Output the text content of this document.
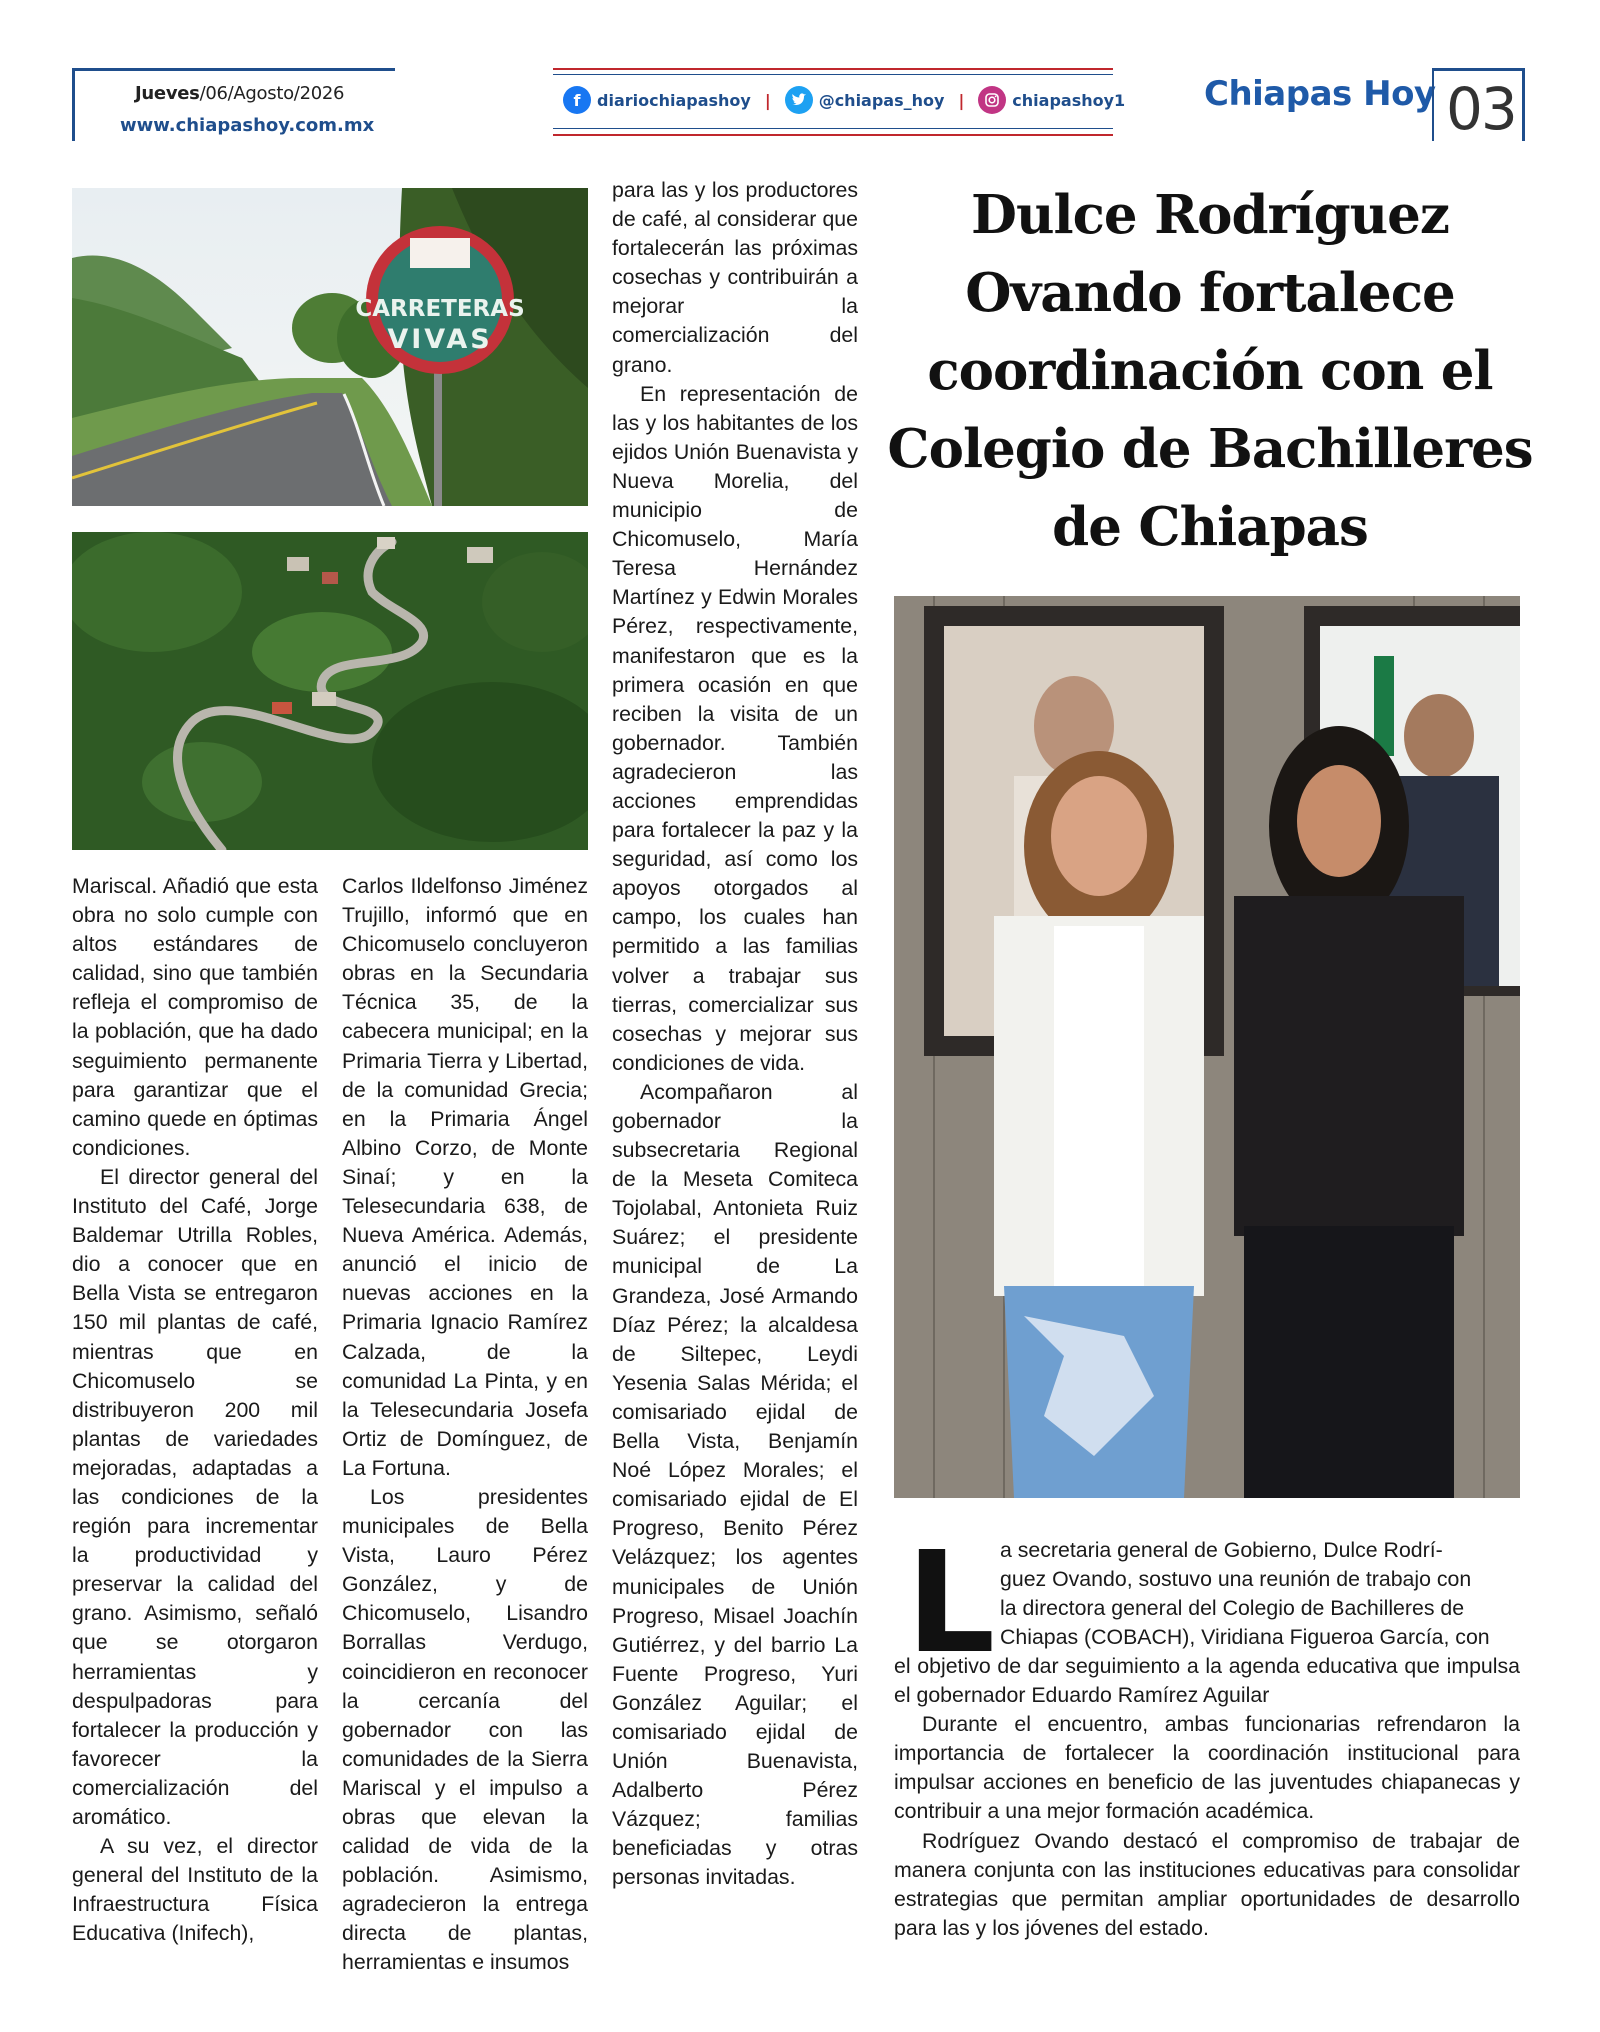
Jueves/06/Agosto/2026
www.chiapashoy.com.mx
f	diariochiapashoy |	@chiapas_hoy |	chiapashoy1 Chiapas Hoy 03
CARRETERAS
VIVAS

Mariscal. Añadió que esta obra no solo cumple con altos estándares de calidad, sino que también refleja el compromiso de la población, que ha dado seguimiento permanente para garantizar que el camino quede en óptimas condiciones.

El director general del Instituto del Café, Jorge Baldemar Utrilla Robles, dio a conocer que en Bella Vista se entregaron 150 mil plantas de café, mientras que en Chicomuselo se distribuyeron 200 mil plantas de variedades mejoradas, adaptadas a las condiciones de la región para incrementar la productividad y preservar la calidad del grano. Asimismo, señaló que se otorgaron herramientas y despulpadoras para fortalecer la producción y favorecer la comercialización del aromático.

A su vez, el director general del Instituto de la Infraestructura Física Educativa (Inifech),

Carlos Ildelfonso Jiménez Trujillo, informó que en Chicomuselo concluyeron obras en la Secundaria Técnica 35, de la cabecera municipal; en la Primaria Tierra y Libertad, de la comunidad Grecia; en la Primaria Ángel Albino Corzo, de Monte Sinaí; y en la Telesecundaria 638, de Nueva América. Además, anunció el inicio de nuevas acciones en la Primaria Ignacio Ramírez Calzada, de la comunidad La Pinta, y en la Telesecundaria Josefa Ortiz de Domínguez, de La Fortuna.

Los presidentes municipales de Bella Vista, Lauro Pérez González, y de Chicomuselo, Lisandro Borrallas Verdugo, coincidieron en reconocer la cercanía del gobernador con las comunidades de la Sierra Mariscal y el impulso a obras que elevan la calidad de vida de la población. Asimismo, agradecieron la entrega directa de plantas, herramientas e insumos

para las y los productores de café, al considerar que fortalecerán las próximas cosechas y contribuirán a mejorar la comercialización del grano.

En representación de las y los habitantes de los ejidos Unión Buenavista y Nueva Morelia, del municipio de Chicomuselo, María Teresa Hernández Martínez y Edwin Morales Pérez, respectivamente, manifestaron que es la primera ocasión en que reciben la visita de un gobernador. También agradecieron las acciones emprendidas para fortalecer la paz y la seguridad, así como los apoyos otorgados al campo, los cuales han permitido a las familias volver a trabajar sus tierras, comercializar sus cosechas y mejorar sus condiciones de vida.

Acompañaron al gobernador la subsecretaria Regional de la Meseta Comiteca Tojolabal, Antonieta Ruiz Suárez; el presidente municipal de La Grandeza, José Armando Díaz Pérez; la alcaldesa de Siltepec, Leydi Yesenia Salas Mérida; el comisariado ejidal de Bella Vista, Benjamín Noé López Morales; el comisariado ejidal de El Progreso, Benito Pérez Velázquez; los agentes municipales de Unión Progreso, Misael Joachín Gutiérrez, y del barrio La Fuente Progreso, Yuri González Aguilar; el comisariado ejidal de Unión Buenavista, Adalberto Pérez Vázquez; familias beneficiadas y otras personas invitadas.

Dulce Rodríguez Ovando fortalece coordinación con el Colegio de Bachilleres de Chiapas
L a secretaria general de Gobierno, Dulce Rodrí-
guez Ovando, sostuvo una reunión de trabajo con
la directora general del Colegio de Bachilleres de
Chiapas (COBACH), Viridiana Figueroa García, con

el objetivo de dar seguimiento a la agenda educativa que impulsa el gobernador Eduardo Ramírez Aguilar

Durante el encuentro, ambas funcionarias refrendaron la importancia de fortalecer la coordinación institucional para impulsar acciones en beneficio de las juventudes chiapanecas y contribuir a una mejor formación académica.

Rodríguez Ovando destacó el compromiso de trabajar de manera conjunta con las instituciones educativas para consolidar estrategias que permitan ampliar oportunidades de desarrollo para las y los jóvenes del estado.
